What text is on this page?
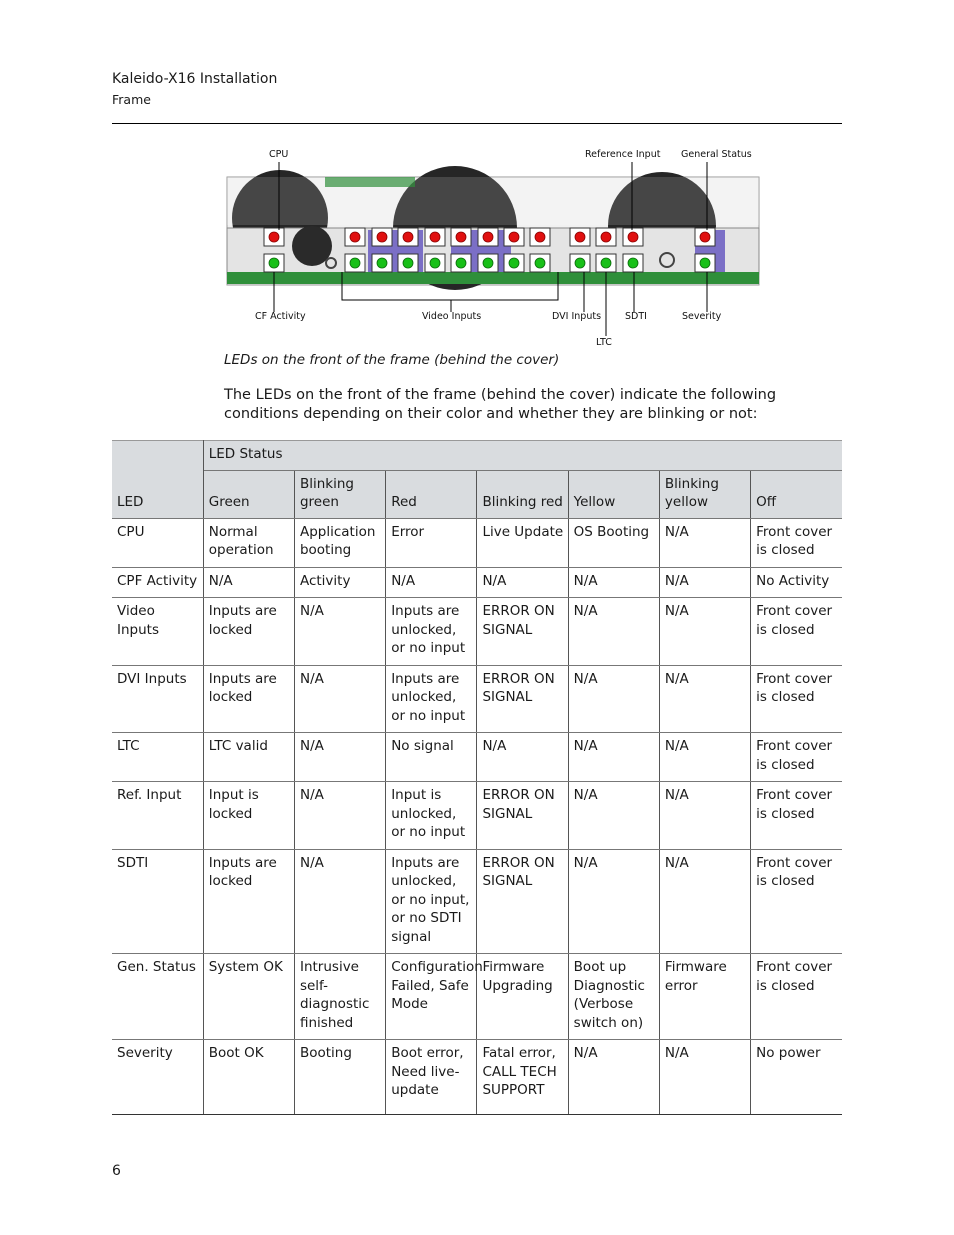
Kaleido-X16 Installation
Frame
CPU	Reference Input General Status
CF Activity	Video Inputs	DVI Inputs	SDTI	Severity
LTC
LEDs on the front of the frame (behind the cover)
The LEDs on the front of the frame (behind the cover) indicate the following conditions depending on their color and whether they are blinking or not:
LED	LED Status						
	Green	Blinking green	Red	Blinking red	Yellow	Blinking yellow	Off
CPU	Normal operation	Application booting	Error	Live Update	OS Booting	N/A	Front cover is closed
CPF Activity	N/A	Activity	N/A	N/A	N/A	N/A	No Activity
Video Inputs	Inputs are locked	N/A	Inputs are unlocked, or no input	ERROR ON SIGNAL	N/A	N/A	Front cover is closed
DVI Inputs	Inputs are locked	N/A	Inputs are unlocked, or no input	ERROR ON SIGNAL	N/A	N/A	Front cover is closed
LTC	LTC valid	N/A	No signal	N/A	N/A	N/A	Front cover is closed
Ref. Input	Input is locked	N/A	Input is unlocked, or no input	ERROR ON SIGNAL	N/A	N/A	Front cover is closed
SDTI	Inputs are locked	N/A	Inputs are unlocked, or no input, or no SDTI signal	ERROR ON SIGNAL	N/A	N/A	Front cover is closed
Gen. Status	System OK	Intrusive self-diagnostic finished	Configuration Failed, Safe Mode	Firmware Upgrading	Boot up Diagnostic (Verbose switch on)	Firmware error	Front cover is closed
Severity	Boot OK	Booting	Boot error, Need live-update	Fatal error, CALL TECH SUPPORT	N/A	N/A	No power
6
